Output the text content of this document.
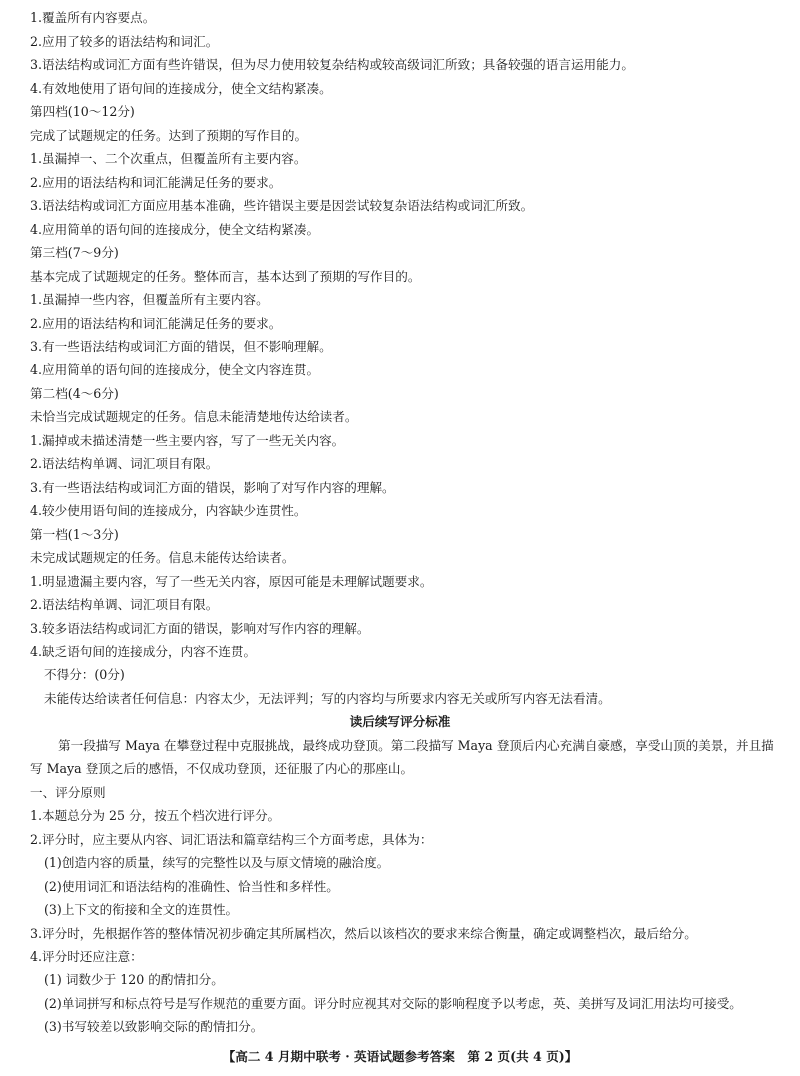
1.覆盖所有内容要点。
2.应用了较多的语法结构和词汇。
3.语法结构或词汇方面有些许错误，但为尽力使用较复杂结构或较高级词汇所致；具备较强的语言运用能力。
4.有效地使用了语句间的连接成分，使全文结构紧凑。
第四档(10～12分)
完成了试题规定的任务。达到了预期的写作目的。
1.虽漏掉一、二个次重点，但覆盖所有主要内容。
2.应用的语法结构和词汇能满足任务的要求。
3.语法结构或词汇方面应用基本准确，些许错误主要是因尝试较复杂语法结构或词汇所致。
4.应用简单的语句间的连接成分，使全文结构紧凑。
第三档(7～9分)
基本完成了试题规定的任务。整体而言，基本达到了预期的写作目的。
1.虽漏掉一些内容，但覆盖所有主要内容。
2.应用的语法结构和词汇能满足任务的要求。
3.有一些语法结构或词汇方面的错误，但不影响理解。
4.应用简单的语句间的连接成分，使全文内容连贯。
第二档(4～6分)
未恰当完成试题规定的任务。信息未能清楚地传达给读者。
1.漏掉或未描述清楚一些主要内容，写了一些无关内容。
2.语法结构单调、词汇项目有限。
3.有一些语法结构或词汇方面的错误，影响了对写作内容的理解。
4.较少使用语句间的连接成分，内容缺少连贯性。
第一档(1～3分)
未完成试题规定的任务。信息未能传达给读者。
1.明显遗漏主要内容，写了一些无关内容，原因可能是未理解试题要求。
2.语法结构单调、词汇项目有限。
3.较多语法结构或词汇方面的错误，影响对写作内容的理解。
4.缺乏语句间的连接成分，内容不连贯。
不得分：(0分)
未能传达给读者任何信息：内容太少，无法评判；写的内容均与所要求内容无关或所写内容无法看清。
读后续写评分标准
第一段描写 Maya 在攀登过程中克服挑战，最终成功登顶。第二段描写 Maya 登顶后内心充满自豪感，享受山顶的美景，并且描
写 Maya 登顶之后的感悟，不仅成功登顶，还征服了内心的那座山。
一、评分原则
1.本题总分为 25 分，按五个档次进行评分。
2.评分时，应主要从内容、词汇语法和篇章结构三个方面考虑，具体为：
(1)创造内容的质量，续写的完整性以及与原文情境的融洽度。
(2)使用词汇和语法结构的准确性、恰当性和多样性。
(3)上下文的衔接和全文的连贯性。
3.评分时，先根据作答的整体情况初步确定其所属档次，然后以该档次的要求来综合衡量，确定或调整档次，最后给分。
4.评分时还应注意：
(1) 词数少于 120 的酌情扣分。
(2)单词拼写和标点符号是写作规范的重要方面。评分时应视其对交际的影响程度予以考虑，英、美拼写及词汇用法均可接受。
(3)书写较差以致影响交际的酌情扣分。
【高二 4 月期中联考 · 英语试题参考答案　第 2 页(共 4 页)】
